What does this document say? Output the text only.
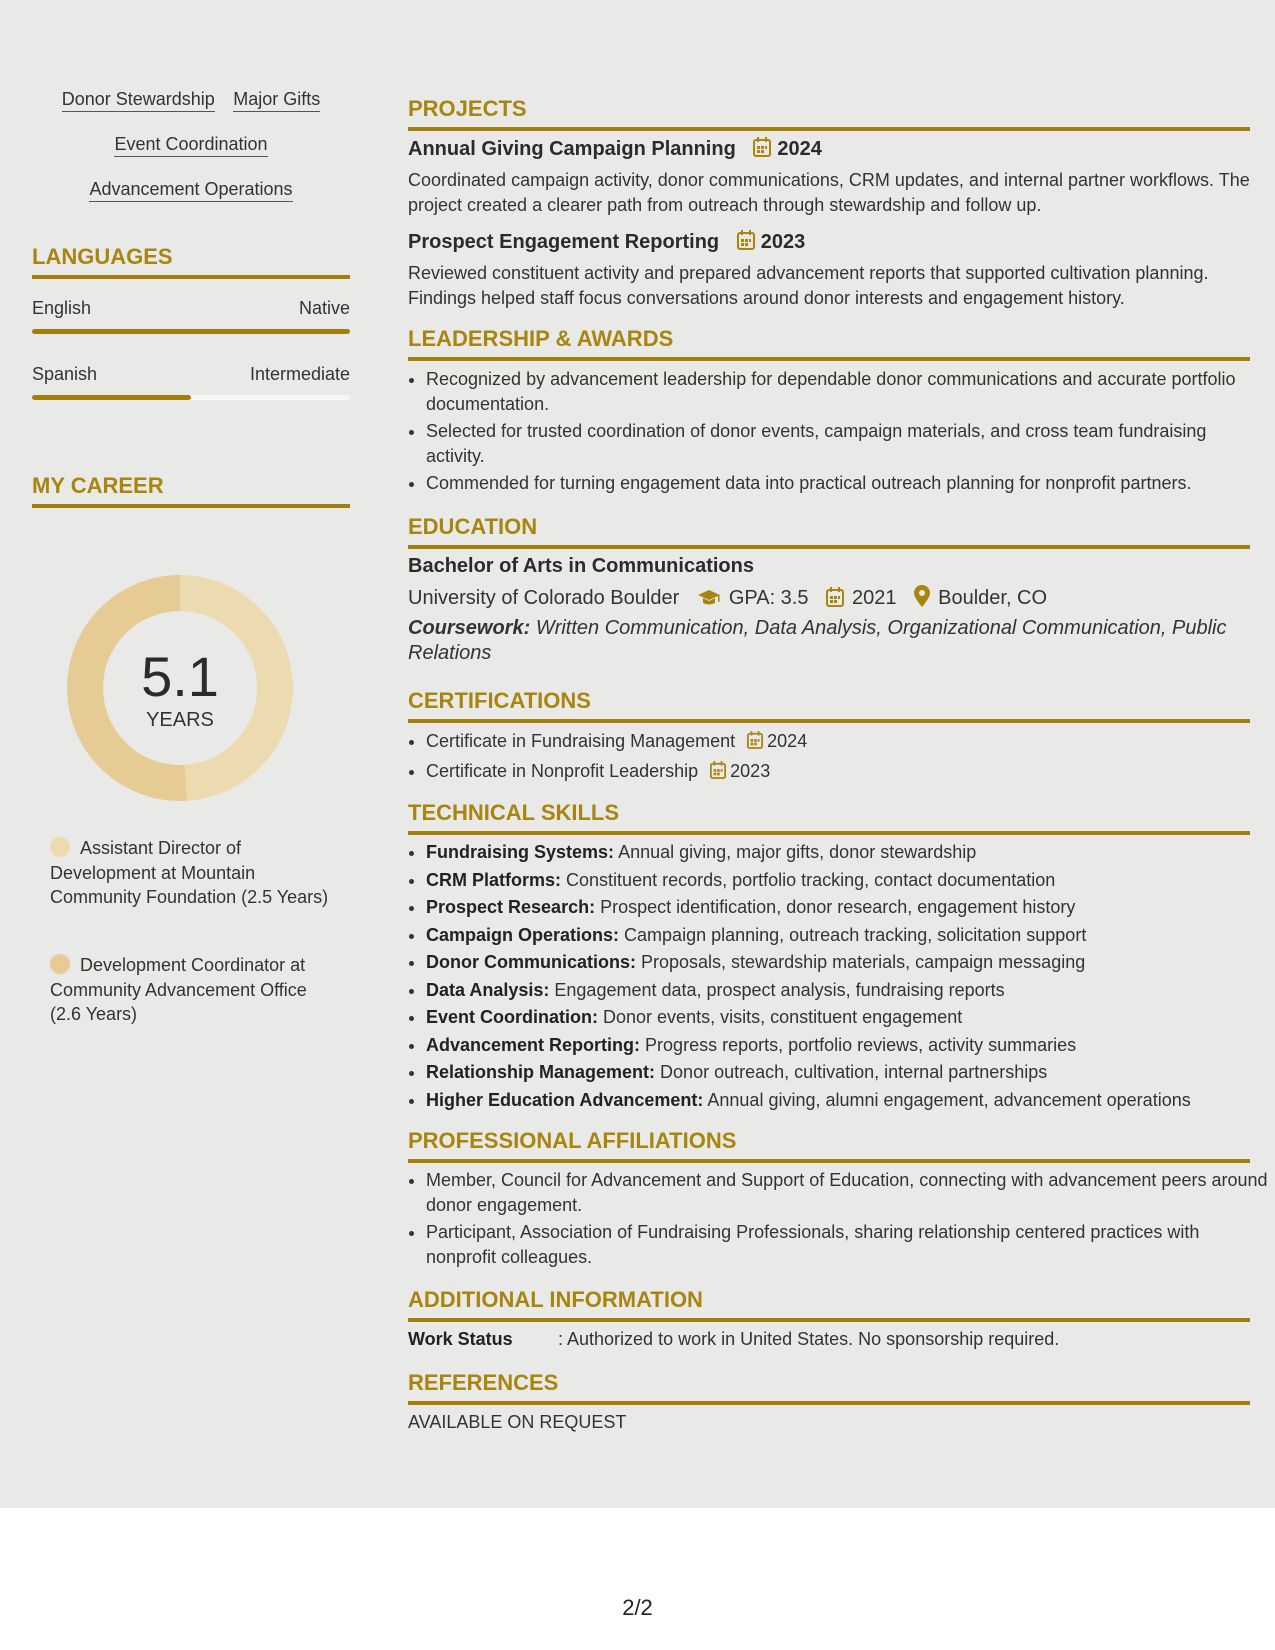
Donor Stewardship Major Gifts
Event Coordination
Advancement Operations
LANGUAGES
English	Native
Spanish	Intermediate
MY CAREER
5.1
YEARS
Assistant Director of Development at Mountain Community Foundation (2.5 Years)
Development Coordinator at Community Advancement Office (2.6 Years)
PROJECTS
Annual Giving Campaign Planning 2024
Coordinated campaign activity, donor communications, CRM updates, and internal partner workflows. The project created a clearer path from outreach through stewardship and follow up.
Prospect Engagement Reporting 2023
Reviewed constituent activity and prepared advancement reports that supported cultivation planning. Findings helped staff focus conversations around donor interests and engagement history.
LEADERSHIP & AWARDS
• Recognized by advancement leadership for dependable donor communications and accurate portfolio documentation.
• Selected for trusted coordination of donor events, campaign materials, and cross team fundraising activity.
• Commended for turning engagement data into practical outreach planning for nonprofit partners.
EDUCATION
Bachelor of Arts in Communications
University of Colorado Boulder GPA: 3.5 2021 Boulder, CO
Coursework: Written Communication, Data Analysis, Organizational Communication, Public Relations
CERTIFICATIONS
• Certificate in Fundraising Management 2024
• Certificate in Nonprofit Leadership 2023
TECHNICAL SKILLS
• Fundraising Systems: Annual giving, major gifts, donor stewardship
• CRM Platforms: Constituent records, portfolio tracking, contact documentation
• Prospect Research: Prospect identification, donor research, engagement history
• Campaign Operations: Campaign planning, outreach tracking, solicitation support
• Donor Communications: Proposals, stewardship materials, campaign messaging
• Data Analysis: Engagement data, prospect analysis, fundraising reports
• Event Coordination: Donor events, visits, constituent engagement
• Advancement Reporting: Progress reports, portfolio reviews, activity summaries
• Relationship Management: Donor outreach, cultivation, internal partnerships
• Higher Education Advancement: Annual giving, alumni engagement, advancement operations
PROFESSIONAL AFFILIATIONS
• Member, Council for Advancement and Support of Education, connecting with advancement peers around donor engagement.
• Participant, Association of Fundraising Professionals, sharing relationship centered practices with nonprofit colleagues.
ADDITIONAL INFORMATION
Work Status	: Authorized to work in United States. No sponsorship required.
REFERENCES
AVAILABLE ON REQUEST
2/2
